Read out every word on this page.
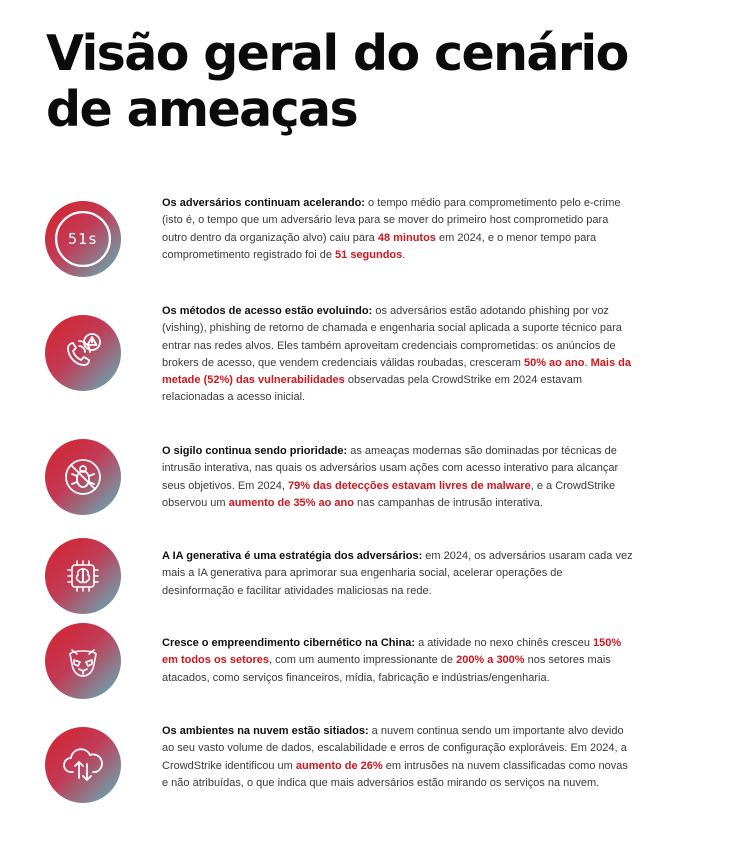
Visão geral do cenário
de ameaças
51s

Os adversários continuam acelerando: o tempo médio para comprometimento pelo e-crime (isto é, o tempo que um adversário leva para se mover do primeiro host comprometido para outro dentro da organização alvo) caiu para 48 minutos em 2024, e o menor tempo para comprometimento registrado foi de 51 segundos.

Os métodos de acesso estão evoluindo: os adversários estão adotando phishing por voz (vishing), phishing de retorno de chamada e engenharia social aplicada a suporte técnico para entrar nas redes alvos. Eles também aproveitam credenciais comprometidas: os anúncios de brokers de acesso, que vendem credenciais válidas roubadas, cresceram 50% ao ano. Mais da metade (52%) das vulnerabilidades observadas pela CrowdStrike em 2024 estavam relacionadas a acesso inicial.

O sigilo continua sendo prioridade: as ameaças modernas são dominadas por técnicas de intrusão interativa, nas quais os adversários usam ações com acesso interativo para alcançar seus objetivos. Em 2024, 79% das detecções estavam livres de malware, e a CrowdStrike observou um aumento de 35% ao ano nas campanhas de intrusão interativa.

A IA generativa é uma estratégia dos adversários: em 2024, os adversários usaram cada vez mais a IA generativa para aprimorar sua engenharia social, acelerar operações de desinformação e facilitar atividades maliciosas na rede.

Cresce o empreendimento cibernético na China: a atividade no nexo chinês cresceu 150% em todos os setores, com um aumento impressionante de 200% a 300% nos setores mais atacados, como serviços financeiros, mídia, fabricação e indústrias/engenharia.

Os ambientes na nuvem estão sitiados: a nuvem continua sendo um importante alvo devido ao seu vasto volume de dados, escalabilidade e erros de configuração exploráveis. Em 2024, a CrowdStrike identificou um aumento de 26% em intrusões na nuvem classificadas como novas e não atribuídas, o que indica que mais adversários estão mirando os serviços na nuvem.
